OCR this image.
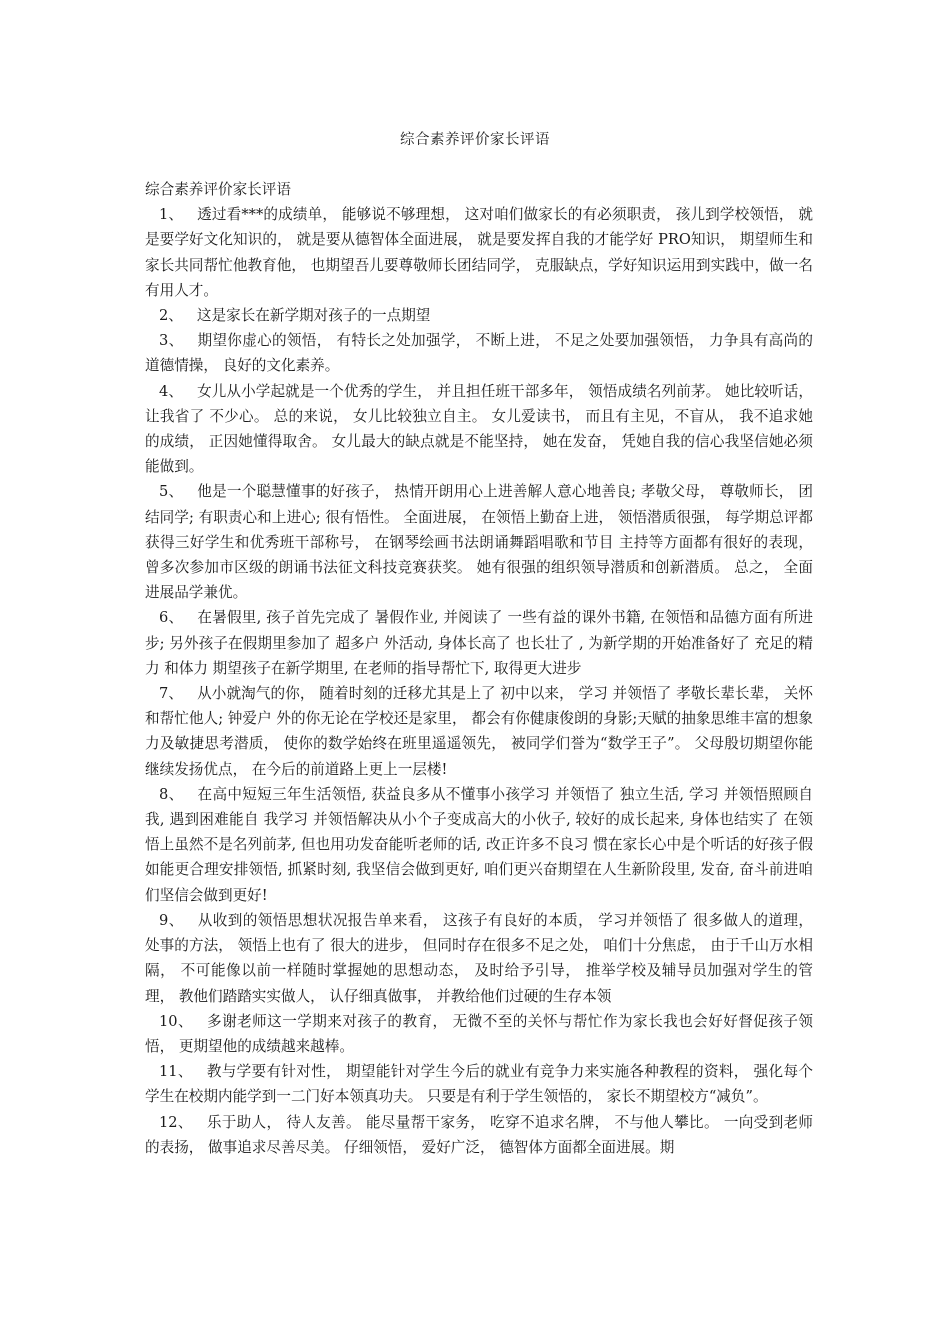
综合素养评价家长评语

综合素养评价家长评语

1、 透过看***的成绩单， 能够说不够理想， 这对咱们做家长的有必须职责， 孩儿到学校领悟， 就是要学好文化知识的， 就是要从德智体全面进展， 就是要发挥自我的才能学好 PRO知识， 期望师生和家长共同帮忙他教育他， 也期望吾儿要尊敬师长团结同学， 克服缺点，学好知识运用到实践中，做一名有用人才。

2、 这是家长在新学期对孩子的一点期望

3、 期望你虚心的领悟， 有特长之处加强学， 不断上进， 不足之处要加强领悟， 力争具有高尚的道德情操， 良好的文化素养。

4、 女儿从小学起就是一个优秀的学生， 并且担任班干部多年， 领悟成绩名列前茅。 她比较听话， 让我省了 不少心。 总的来说， 女儿比较独立自主。 女儿爱读书， 而且有主见，不盲从， 我不追求她的成绩， 正因她懂得取舍。 女儿最大的缺点就是不能坚持， 她在发奋， 凭她自我的信心我坚信她必须能做到。

5、 他是一个聪慧懂事的好孩子， 热情开朗用心上进善解人意心地善良; 孝敬父母， 尊敬师长， 团结同学; 有职责心和上进心; 很有悟性。 全面进展， 在领悟上勤奋上进， 领悟潜质很强， 每学期总评都获得三好学生和优秀班干部称号， 在钢琴绘画书法朗诵舞蹈唱歌和节目 主持等方面都有很好的表现， 曾多次参加市区级的朗诵书法征文科技竞赛获奖。 她有很强的组织领导潜质和创新潜质。 总之， 全面进展品学兼优。

6、 在暑假里, 孩子首先完成了 暑假作业, 并阅读了 一些有益的课外书籍, 在领悟和品德方面有所进步; 另外孩子在假期里参加了 超多户 外活动, 身体长高了 也长壮了 , 为新学期的开始准备好了 充足的精力 和体力 期望孩子在新学期里, 在老师的指导帮忙下, 取得更大进步

7、 从小就淘气的你， 随着时刻的迁移尤其是上了 初中以来， 学习 并领悟了 孝敬长辈长辈， 关怀和帮忙他人; 钟爱户 外的你无论在学校还是家里， 都会有你健康俊朗的身影;天赋的抽象思维丰富的想象力及敏捷思考潜质， 使你的数学始终在班里遥遥领先， 被同学们誉为“数学王子”。 父母殷切期望你能继续发扬优点， 在今后的前道路上更上一层楼!

8、 在高中短短三年生活领悟, 获益良多从不懂事小孩学习 并领悟了 独立生活, 学习 并领悟照顾自 我, 遇到困难能自 我学习 并领悟解决从小个子变成高大的小伙子, 较好的成长起来, 身体也结实了 在领悟上虽然不是名列前茅, 但也用功发奋能听老师的话, 改正许多不良习 惯在家长心中是个听话的好孩子假如能更合理安排领悟, 抓紧时刻, 我坚信会做到更好, 咱们更兴奋期望在人生新阶段里, 发奋, 奋斗前进咱们坚信会做到更好!

9、 从收到的领悟思想状况报告单来看， 这孩子有良好的本质， 学习并领悟了 很多做人的道理， 处事的方法， 领悟上也有了 很大的进步， 但同时存在很多不足之处， 咱们十分焦虑， 由于千山万水相隔， 不可能像以前一样随时掌握她的思想动态， 及时给予引导， 推举学校及辅导员加强对学生的管理， 教他们踏踏实实做人， 认仔细真做事， 并教给他们过硬的生存本领

10、 多谢老师这一学期来对孩子的教育， 无微不至的关怀与帮忙作为家长我也会好好督促孩子领悟， 更期望他的成绩越来越棒。

11、 教与学要有针对性， 期望能针对学生今后的就业有竞争力来实施各种教程的资料， 强化每个学生在校期内能学到一二门好本领真功夫。 只要是有利于学生领悟的， 家长不期望校方“减负”。

12、 乐于助人， 待人友善。 能尽量帮干家务， 吃穿不追求名牌， 不与他人攀比。 一向受到老师的表扬， 做事追求尽善尽美。 仔细领悟， 爱好广泛， 德智体方面都全面进展。期
